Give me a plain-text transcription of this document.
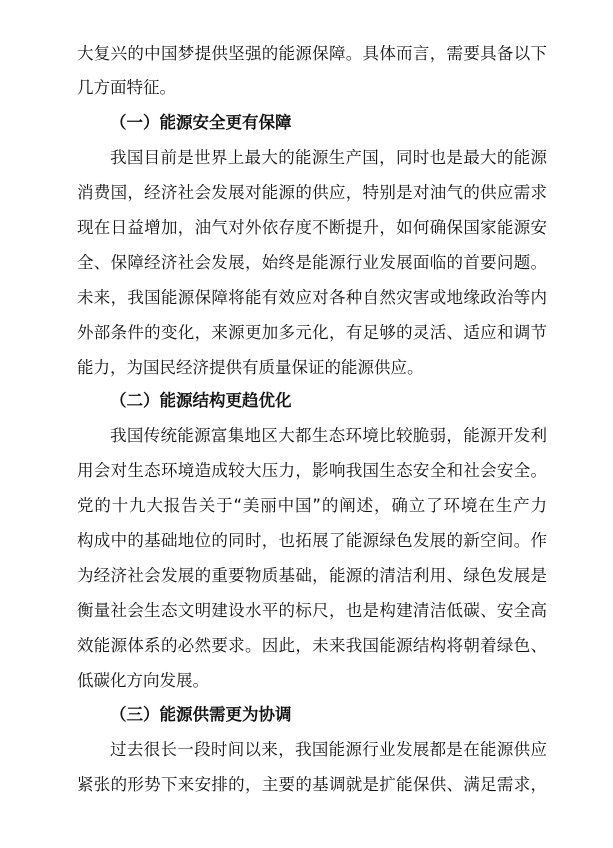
大复兴的中国梦提供坚强的能源保障。具体而言，需要具备以下
几方面特征。
（一）能源安全更有保障
我国目前是世界上最大的能源生产国，同时也是最大的能源
消费国，经济社会发展对能源的供应，特别是对油气的供应需求
现在日益增加，油气对外依存度不断提升，如何确保国家能源安
全、保障经济社会发展，始终是能源行业发展面临的首要问题。
未来，我国能源保障将能有效应对各种自然灾害或地缘政治等内
外部条件的变化，来源更加多元化，有足够的灵活、适应和调节
能力，为国民经济提供有质量保证的能源供应。
（二）能源结构更趋优化
我国传统能源富集地区大都生态环境比较脆弱，能源开发利
用会对生态环境造成较大压力，影响我国生态安全和社会安全。
党的十九大报告关于“美丽中国”的阐述，确立了环境在生产力
构成中的基础地位的同时，也拓展了能源绿色发展的新空间。作
为经济社会发展的重要物质基础，能源的清洁利用、绿色发展是
衡量社会生态文明建设水平的标尺，也是构建清洁低碳、安全高
效能源体系的必然要求。因此，未来我国能源结构将朝着绿色、
低碳化方向发展。
（三）能源供需更为协调
过去很长一段时间以来，我国能源行业发展都是在能源供应
紧张的形势下来安排的，主要的基调就是扩能保供、满足需求，
